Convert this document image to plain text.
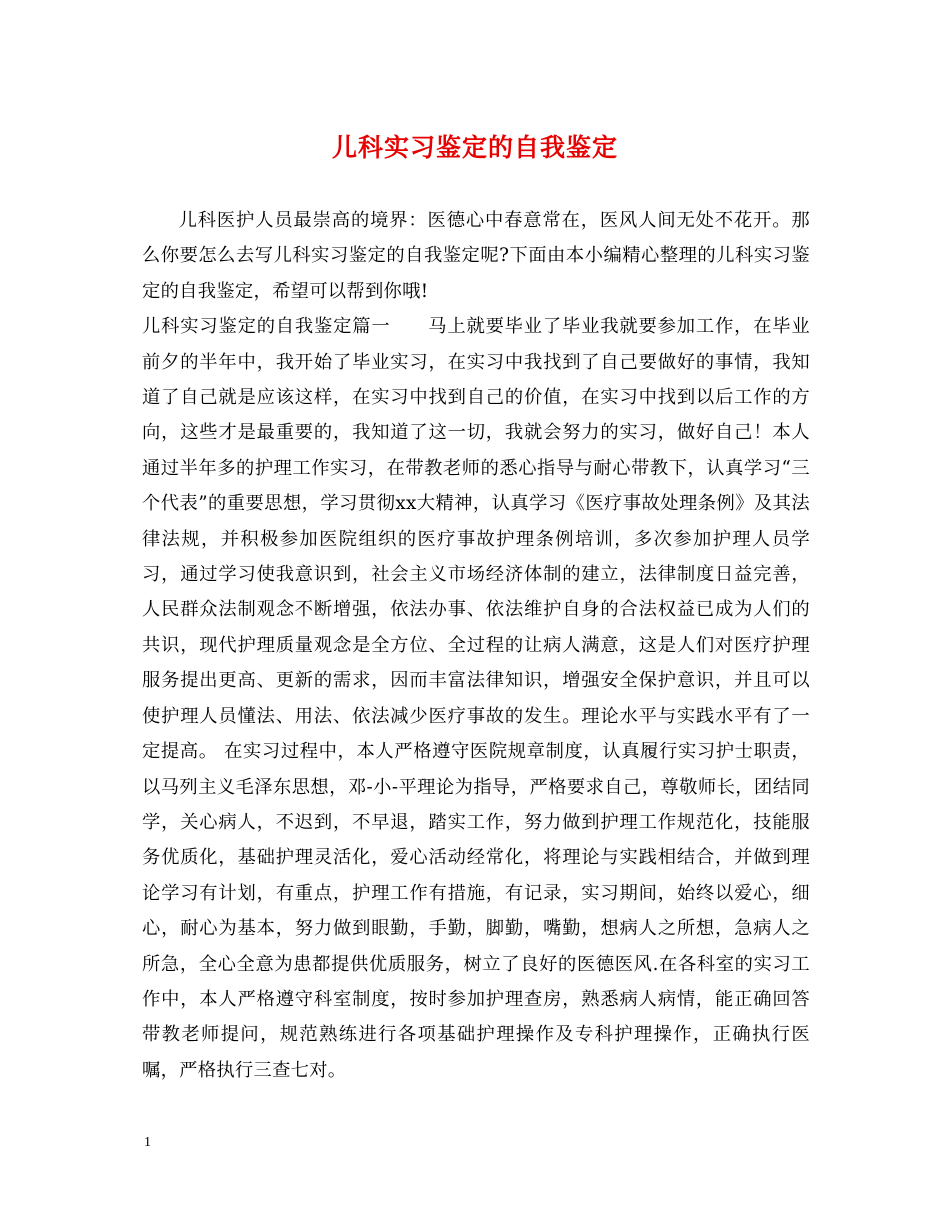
儿科实习鉴定的自我鉴定

儿科医护人员最崇高的境界：医德心中春意常在，医风人间无处不花开。那么你要怎么去写儿科实习鉴定的自我鉴定呢?下面由本小编精心整理的儿科实习鉴定的自我鉴定，希望可以帮到你哦!

儿科实习鉴定的自我鉴定篇一   马上就要毕业了毕业我就要参加工作，在毕业前夕的半年中，我开始了毕业实习，在实习中我找到了自己要做好的事情，我知道了自己就是应该这样，在实习中找到自己的价值，在实习中找到以后工作的方向，这些才是最重要的，我知道了这一切，我就会努力的实习，做好自己！本人通过半年多的护理工作实习，在带教老师的悉心指导与耐心带教下，认真学习“三个代表”的重要思想，学习贯彻xx大精神，认真学习《医疗事故处理条例》及其法律法规，并积极参加医院组织的医疗事故护理条例培训，多次参加护理人员学习，通过学习使我意识到，社会主义市场经济体制的建立，法律制度日益完善，人民群众法制观念不断增强，依法办事、依法维护自身的合法权益已成为人们的共识，现代护理质量观念是全方位、全过程的让病人满意，这是人们对医疗护理服务提出更高、更新的需求，因而丰富法律知识，增强安全保护意识，并且可以使护理人员懂法、用法、依法减少医疗事故的发生。理论水平与实践水平有了一定提高。 在实习过程中，本人严格遵守医院规章制度，认真履行实习护士职责，以马列主义毛泽东思想，邓-小-平理论为指导，严格要求自己，尊敬师长，团结同学，关心病人，不迟到，不早退，踏实工作，努力做到护理工作规范化，技能服务优质化，基础护理灵活化，爱心活动经常化，将理论与实践相结合，并做到理论学习有计划，有重点，护理工作有措施，有记录，实习期间，始终以爱心，细心，耐心为基本，努力做到眼勤，手勤，脚勤，嘴勤，想病人之所想，急病人之所急，全心全意为患都提供优质服务，树立了良好的医德医风.在各科室的实习工作中，本人严格遵守科室制度，按时参加护理查房，熟悉病人病情，能正确回答带教老师提问，规范熟练进行各项基础护理操作及专科护理操作，正确执行医嘱，严格执行三查七对。

1
